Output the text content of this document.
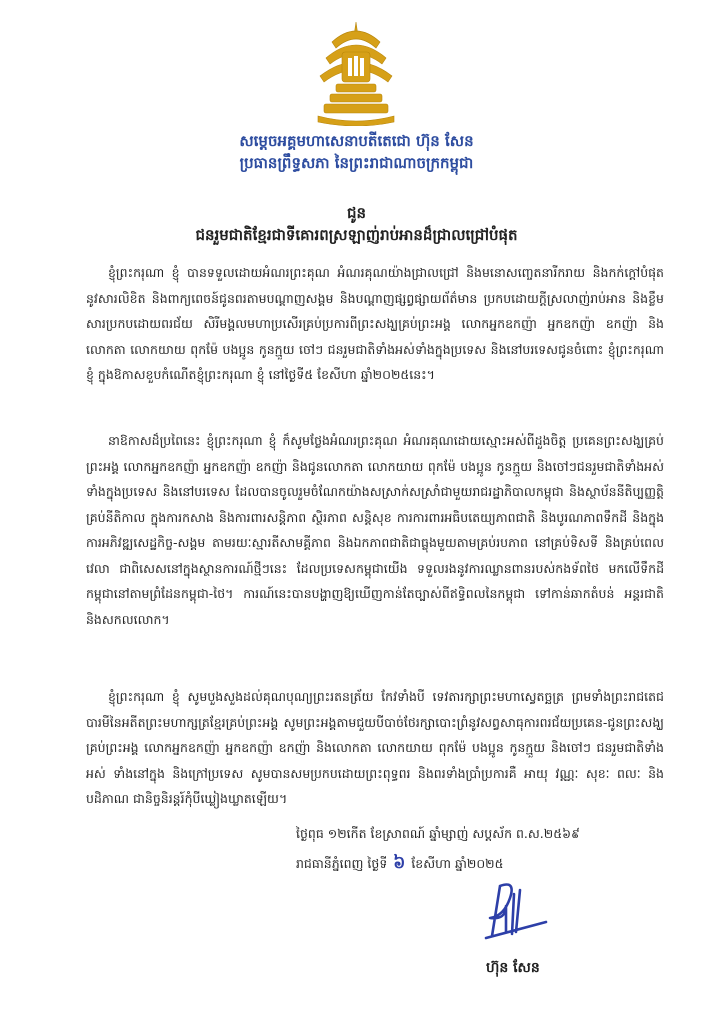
សម្ដេចអគ្គមហាសេនាបតីតេជោ ហ៊ុន សែន
ប្រធានព្រឹទ្ធសភា នៃព្រះរាជាណាចក្រកម្ពុជា
ជូន
ជនរួមជាតិខ្មែរជាទីគោរពស្រឡាញ់រាប់អានដ៏ជ្រាលជ្រៅបំផុត
ខ្ញុំព្រះករុណា ខ្ញុំ បានទទួលដោយអំណរព្រះគុណ អំណរគុណយ៉ាងជ្រាលជ្រៅ និងមនោសញ្ចេតនារីករាយ និងកក់ក្ដៅបំផុតនូវសារលិខិត និងពាក្យពេចន៍ជូនពរតាមបណ្ដាញសង្គម និងបណ្ដាញផ្សព្វផ្សាយព័ត៌មាន ប្រកបដោយក្ដីស្រលាញ់រាប់អាន និងខ្លឹមសារប្រកបដោយពរជ័យ សិរីមង្គលមហាប្រសើរគ្រប់ប្រការពីព្រះសង្ឃគ្រប់ព្រះអង្គ លោកអ្នកឧកញ៉ា អ្នកឧកញ៉ា ឧកញ៉ា និងលោកតា លោកយាយ ពុកម៉ែ បងប្អូន កូនក្មួយ ចៅៗ ជនរួមជាតិទាំងអស់ទាំងក្នុងប្រទេស និងនៅបរទេសជូនចំពោះ ខ្ញុំព្រះករុណា ខ្ញុំ ក្នុងឱកាសខួបកំណើតខ្ញុំព្រះករុណា ខ្ញុំ នៅថ្ងៃទី៥ ខែសីហា ឆ្នាំ២០២៥នេះ។
នាឱកាសដ៏ប្រពៃនេះ ខ្ញុំព្រះករុណា ខ្ញុំ ក៏សូមថ្លែងអំណរព្រះគុណ អំណរគុណដោយស្មោះអស់ពីដួងចិត្ត ប្រគេនព្រះសង្ឃគ្រប់ព្រះអង្គ លោកអ្នកឧកញ៉ា អ្នកឧកញ៉ា ឧកញ៉ា និងជូនលោកតា លោកយាយ ពុកម៉ែ បងប្អូន កូនក្មួយ និងចៅៗជនរួមជាតិទាំងអស់ ទាំងក្នុងប្រទេស និងនៅបរទេស ដែលបានចូលរួមចំណែកយ៉ាងសស្រាក់សស្រាំជាមួយរាជរដ្ឋាភិបាលកម្ពុជា និងស្ថាប័ននីតិប្បញ្ញត្តិ គ្រប់នីតិកាល ក្នុងការកសាង និងការពារសន្តិភាព ស្ថិរភាព សន្តិសុខ ការការពារអធិបតេយ្យភាពជាតិ និងបូរណភាពទឹកដី និងក្នុងការអភិវឌ្ឍសេដ្ឋកិច្ច-សង្គម តាមរយៈស្មារតីសាមគ្គីភាព និងឯកភាពជាតិជាធ្លុងមួយតាមគ្រប់របភាព នៅគ្រប់ទិសទី និងគ្រប់ពេលវេលា ជាពិសេសនៅក្នុងស្ថានការណ៍ថ្មីៗនេះ ដែលប្រទេសកម្ពុជាយើង ទទួលរងនូវការឈ្លានពានរបស់កងទ័ពថៃ មកលើទឹកដីកម្ពុជានៅតាមព្រំដែនកម្ពុជា-ថៃ។ ការណ៍នេះបានបង្ហាញឱ្យឃើញកាន់តែច្បាស់ពីឥទ្ធិពលនៃកម្ពុជា ទៅកាន់ឆាកតំបន់ អន្តរជាតិ និងសកលលោក។
ខ្ញុំព្រះករុណា ខ្ញុំ សូមបួងសួងដល់គុណបុណ្យព្រះរតនត្រ័យ កែវទាំងបី ទេវតារក្សាព្រះមហាស្វេតច្ឆត្រ ព្រមទាំងព្រះរាជតេជបារមីនៃអតីតព្រះមហាក្សត្រខ្មែរគ្រប់ព្រះអង្គ សូមព្រះអង្គតាមជួយបីបាច់ថែរក្សាបោះព្រំនូវសព្វសាធុការពរជ័យប្រគេន-ជូនព្រះសង្ឃគ្រប់ព្រះអង្គ លោកអ្នកឧកញ៉ា អ្នកឧកញ៉ា ឧកញ៉ា និងលោកតា លោកយាយ ពុកម៉ែ បងប្អូន កូនក្មួយ និងចៅៗ ជនរួមជាតិទាំងអស់ ទាំងនៅក្នុង និងក្រៅប្រទេស សូមបានសមប្រកបដោយព្រះពុទ្ធពរ និងពរទាំងប្រាំប្រការគឺ អាយុ វណ្ណៈ សុខៈ ពលៈ និងបដិភាណ ជានិច្ចនិរន្តរ៍កុំបីឃ្លៀងឃ្លាតឡើយ។
ថ្ងៃពុធ ១២កើត ខែស្រាពណ៍ ឆ្នាំម្សាញ់ សប្តស័ក ព.ស.២៥៦៩
រាជធានីភ្នំពេញ ថ្ងៃទី ៦ ខែសីហា ឆ្នាំ២០២៥
ហ៊ុន សែន
